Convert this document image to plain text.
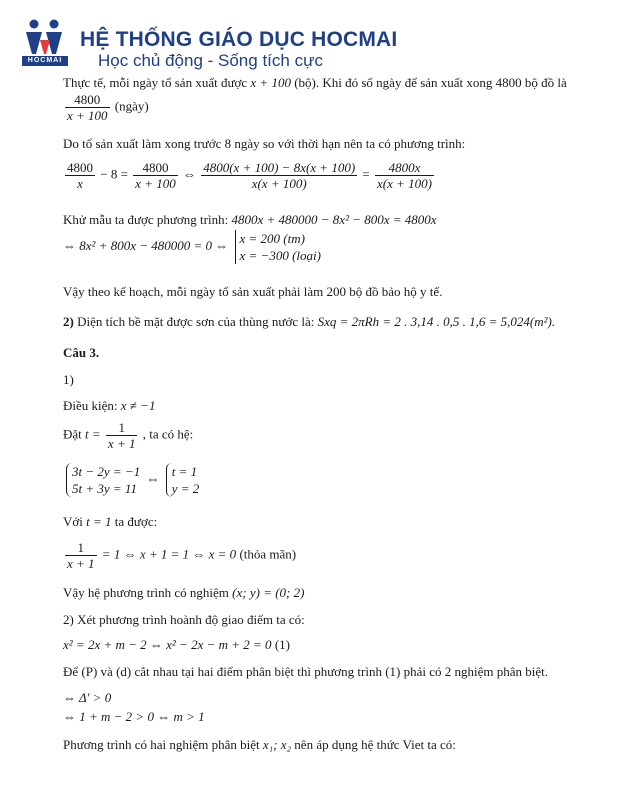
HOCMAI
HỆ THỐNG GIÁO DỤC HOCMAI
Học chủ động - Sống tích cực
Thực tế, mỗi ngày tổ sản xuất được x + 100 (bộ). Khi đó số ngày để sản xuất xong 4800 bộ đồ là
$\frac{4800}{x + 100}$ (ngày)
Do tổ sản xuất làm xong trước 8 ngày so với thời hạn nên ta có phương trình:
$\frac{4800}{x} - 8 = \frac{4800}{x + 100}$ ⇔ $\frac{4800(x + 100) - 8x(x + 100)}{x(x + 100)} = \frac{4800x}{x(x + 100)}$
Khử mẫu ta được phương trình: 4800x + 480000 − 8x² − 800x = 4800x
⇔ 8x² + 800x − 480000 = 0 ⇔ x = 200 (tm)
x = −300 (loại)
Vậy theo kế hoạch, mỗi ngày tổ sản xuất phải làm 200 bộ đồ bảo hộ y tế.
2) Diện tích bề mặt được sơn của thùng nước là: Sxq = 2πRh = 2 . 3,14 . 0,5 . 1,6 = 5,024(m²).
Câu 3.
1)
Điều kiện: x ≠ −1
Đặt $t = \frac{1}{x + 1}$ , ta có hệ:
3t − 2y = −1
5t + 3y = 11
⇔ t = 1
y = 2
Với t = 1 ta được:
$\frac{1}{x + 1} = 1$ ⇔ x + 1 = 1 ⇔ x = 0 (thỏa mãn)
Vậy hệ phương trình có nghiệm (x; y) = (0; 2)
2) Xét phương trình hoành độ giao điểm ta có:
x² = 2x + m − 2 ⇔ x² − 2x − m + 2 = 0 (1)
Để (P) và (d) cắt nhau tại hai điểm phân biệt thì phương trình (1) phải có 2 nghiệm phân biệt.
⇔ Δ' > 0
⇔ 1 + m − 2 > 0 ⇔ m > 1
Phương trình có hai nghiệm phân biệt x₁; x₂ nên áp dụng hệ thức Viet ta có:
